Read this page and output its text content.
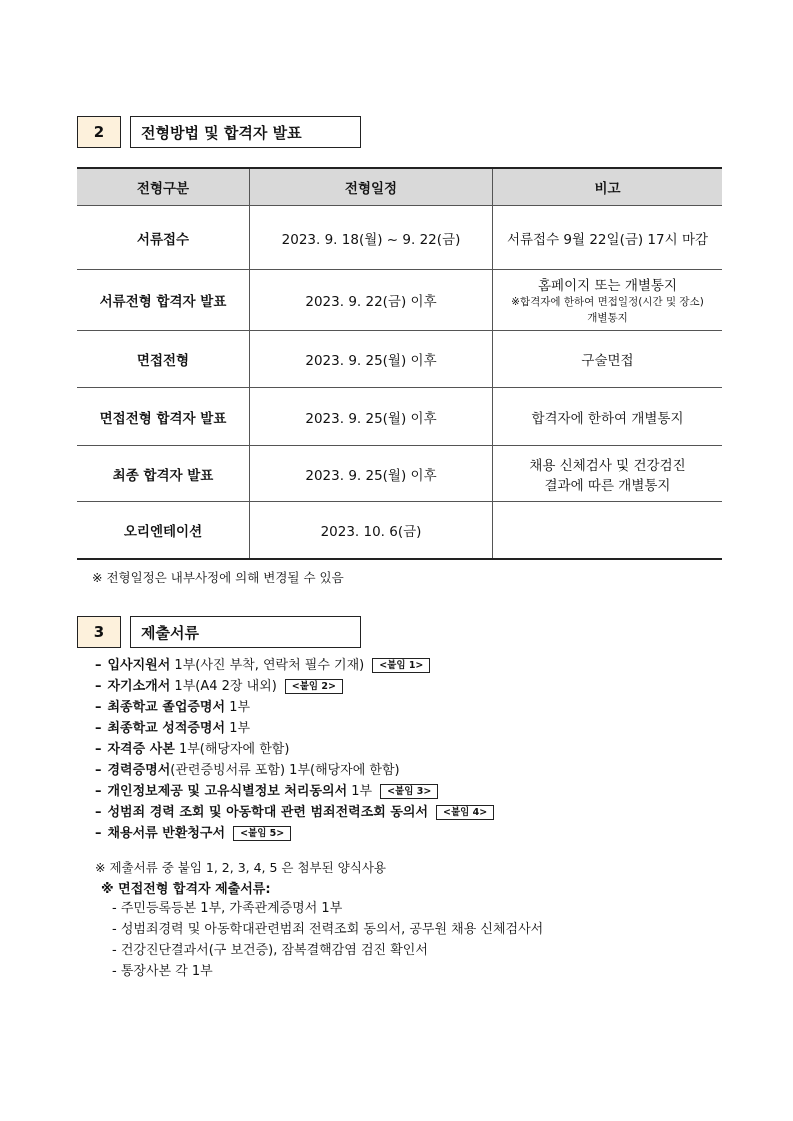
2	전형방법 및 합격자 발표
전형구분	전형일정	비고
서류접수	2023. 9. 18(월) ~ 9. 22(금)	서류접수 9월 22일(금) 17시 마감
서류전형 합격자 발표	2023. 9. 22(금) 이후	홈페이지 또는 개별통지
※합격자에 한하여 면접일정(시간 및 장소) 개별통지

면접전형	2023. 9. 25(월) 이후	구술면접
면접전형 합격자 발표	2023. 9. 25(월) 이후	합격자에 한하여 개별통지
최종 합격자 발표	2023. 9. 25(월) 이후	채용 신체검사 및 건강검진 결과에 따른 개별통지
오리엔테이션	2023. 10. 6(금)	
※ 전형일정은 내부사정에 의해 변경될 수 있음
3	제출서류
– 입사지원서 1부(사진 부착, 연락처 필수 기재) <붙임 1>
– 자기소개서 1부(A4 2장 내외) <붙임 2>
– 최종학교 졸업증명서 1부
– 최종학교 성적증명서 1부
– 자격증 사본 1부(해당자에 한함)
– 경력증명서(관련증빙서류 포함) 1부(해당자에 한함)
– 개인정보제공 및 고유식별정보 처리동의서 1부 <붙임 3>
– 성범죄 경력 조회 및 아동학대 관련 범죄전력조회 동의서 <붙임 4>
– 채용서류 반환청구서 <붙임 5>
※ 제출서류 중 붙임 1, 2, 3, 4, 5 은 첨부된 양식사용
※ 면접전형 합격자 제출서류:
- 주민등록등본 1부, 가족관계증명서 1부
- 성범죄경력 및 아동학대관련범죄 전력조회 동의서, 공무원 채용 신체검사서
- 건강진단결과서(구 보건증), 잠복결핵감염 검진 확인서
- 통장사본 각 1부
